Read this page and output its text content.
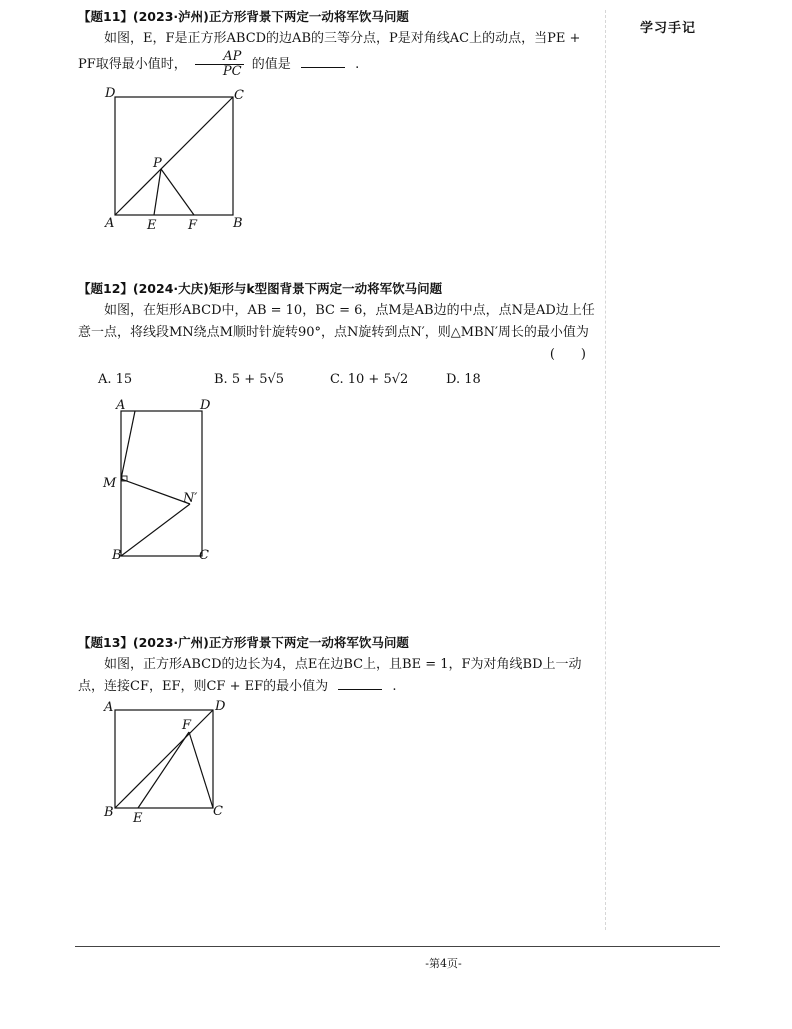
学习手记
【题11】(2023·泸州)正方形背景下两定一动将军饮马问题

如图，E，F是正方形ABCD的边AB的三等分点，P是对角线AC上的动点，当PE + PF取得最小值时， $\frac{AP}{PC}$ 的值是	.

D	C
P
A	E F	B
【题12】(2024·大庆)矩形与k型图背景下两定一动将军饮马问题

如图，在矩形ABCD中，AB = 10，BC = 6，点M是AB边的中点，点N是AD边上任意一点，将线段MN绕点M顺时针旋转90°，点N旋转到点N′，则△MBN′周长的最小值为
(　　)

A. 15	B. 5 + 5√5	C. 10 + 5√2	D. 18
A	D
M
N′
B	C
【题13】(2023·广州)正方形背景下两定一动将军饮马问题

如图，正方形ABCD的边长为4，点E在边BC上，且BE = 1，F为对角线BD上一动点，连接CF，EF，则CF + EF的最小值为	.

A	D
F
B E	C
-第4页-
